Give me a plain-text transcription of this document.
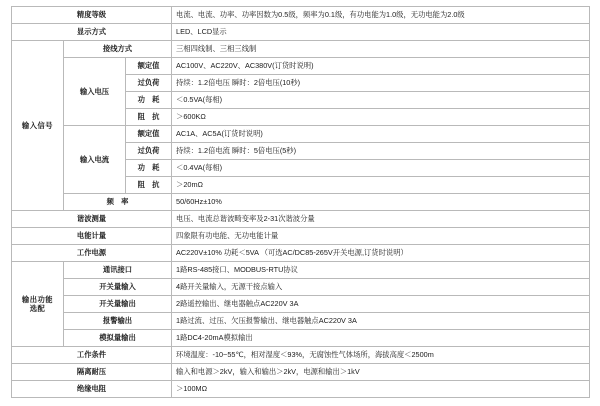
精度等级			电流、电流、功率、功率因数为0.5级，频率为0.1级，有功电能为1.0级，无功电能为2.0级
显示方式			LED、LCD显示
输入信号	接线方式		三相四线制、三相三线制
	输入电压	额定值	AC100V、AC220V、AC380V(订货时说明)
		过负荷	持续：1.2倍电压 瞬时：2倍电压(10秒)
		功　耗	＜0.5VA(每相)
		阻　抗	＞600KΩ
	输入电流	额定值	AC1A、AC5A(订货时说明)
		过负荷	持续：1.2倍电流 瞬时：5倍电压(5秒)
		功　耗	＜0.4VA(每相)
		阻　抗	＞20mΩ
	频　率		50/60Hz±10%
谐波测量			电压、电流总谐波畸变率及2-31次谐波分量
电能计量			四象限有功电能、无功电能计量
工作电源			AC220V±10% 功耗＜5VA （可选AC/DC85-265V开关电源,订货时说明）

输出功能
选配	通讯接口		1路RS-485接口、MODBUS-RTU协议
	开关量输入		4路开关量输入，无源干接点输入
	开关量输出		2路遥控输出、继电器触点AC220V 3A
	报警输出		1路过流、过压、欠压报警输出、继电器触点AC220V 3A
	模拟量输出		1路DC4-20mA模拟输出
工作条件			环境温度：-10~55℃，相对湿度＜93%，无腐蚀性气体场所，海拔高度＜2500m
隔离耐压			输入和电源＞2kV，输入和输出＞2kV，电源和输出＞1kV
绝缘电阻			＞100MΩ
